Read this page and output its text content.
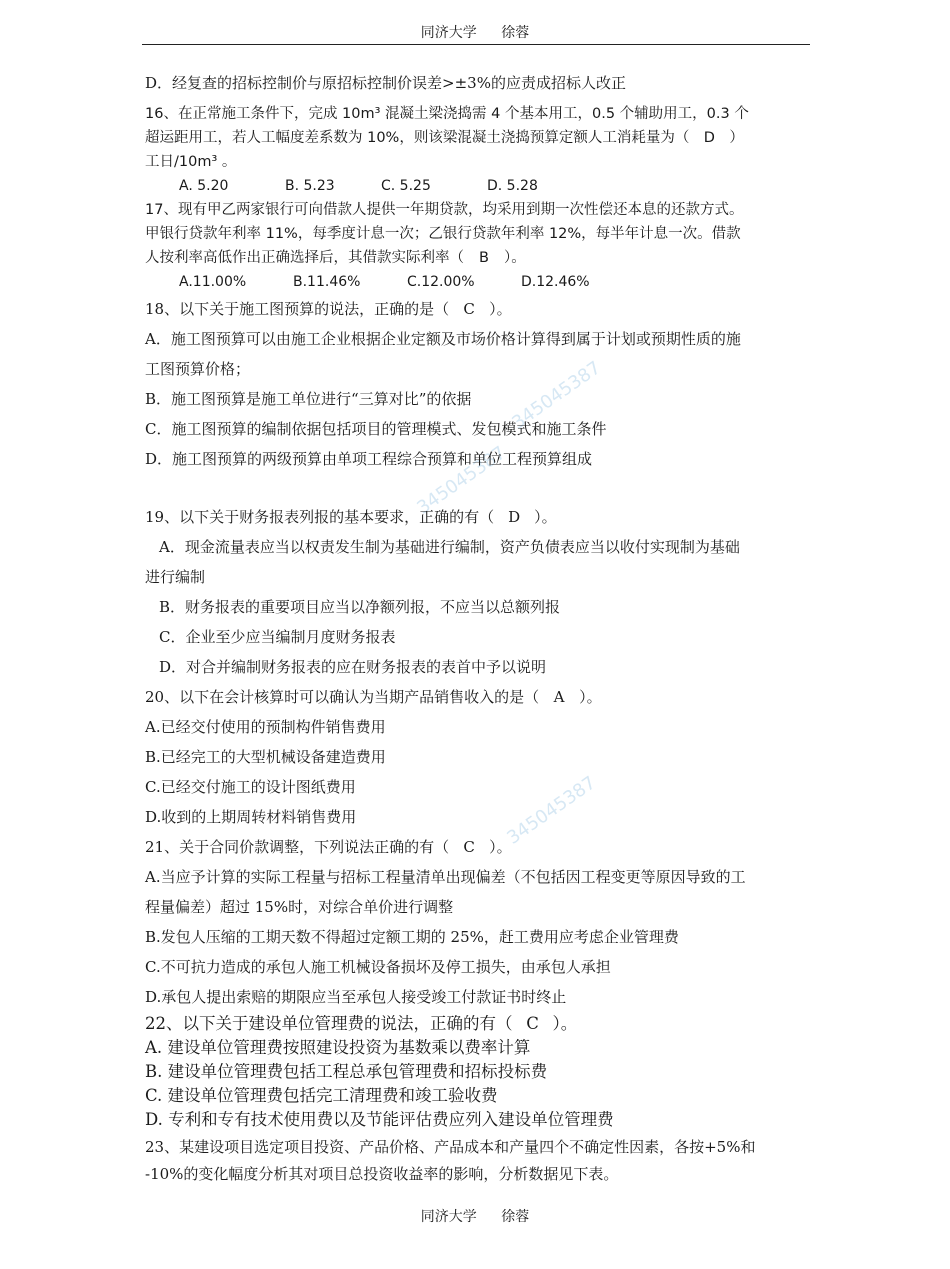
同济大学 徐蓉
345045387
345045387
345045387
D．经复查的招标控制价与原招标控制价误差>±3%的应责成招标人改正
16、在正常施工条件下，完成 10m³ 混凝土梁浇捣需 4 个基本用工，0.5 个辅助用工，0.3 个
超运距用工，若人工幅度差系数为 10%，则该梁混凝土浇捣预算定额人工消耗量为（ D ）
工日/10m³ 。
A. 5.20	B. 5.23	C. 5.25	D. 5.28
17、现有甲乙两家银行可向借款人提供一年期贷款，均采用到期一次性偿还本息的还款方式。
甲银行贷款年利率 11%，每季度计息一次；乙银行贷款年利率 12%，每半年计息一次。借款
人按利率高低作出正确选择后，其借款实际利率（ B ）。
A.11.00%	B.11.46%	C.12.00%	D.12.46%
18、以下关于施工图预算的说法，正确的是（ C ）。
A．施工图预算可以由施工企业根据企业定额及市场价格计算得到属于计划或预期性质的施
工图预算价格；
B．施工图预算是施工单位进行“三算对比”的依据
C．施工图预算的编制依据包括项目的管理模式、发包模式和施工条件
D．施工图预算的两级预算由单项工程综合预算和单位工程预算组成
19、以下关于财务报表列报的基本要求，正确的有（ D ）。
A．现金流量表应当以权责发生制为基础进行编制，资产负债表应当以收付实现制为基础
进行编制
B．财务报表的重要项目应当以净额列报，不应当以总额列报
C．企业至少应当编制月度财务报表
D．对合并编制财务报表的应在财务报表的表首中予以说明
20、以下在会计核算时可以确认为当期产品销售收入的是（ A ）。
A.已经交付使用的预制构件销售费用
B.已经完工的大型机械设备建造费用
C.已经交付施工的设计图纸费用
D.收到的上期周转材料销售费用
21、关于合同价款调整，下列说法正确的有（ C ）。
A.当应予计算的实际工程量与招标工程量清单出现偏差（不包括因工程变更等原因导致的工
程量偏差）超过 15%时，对综合单价进行调整
B.发包人压缩的工期天数不得超过定额工期的 25%，赶工费用应考虑企业管理费
C.不可抗力造成的承包人施工机械设备损坏及停工损失，由承包人承担
D.承包人提出索赔的期限应当至承包人接受竣工付款证书时终止
22、以下关于建设单位管理费的说法，正确的有（ C ）。
A. 建设单位管理费按照建设投资为基数乘以费率计算
B. 建设单位管理费包括工程总承包管理费和招标投标费
C. 建设单位管理费包括完工清理费和竣工验收费
D. 专利和专有技术使用费以及节能评估费应列入建设单位管理费
23、某建设项目选定项目投资、产品价格、产品成本和产量四个不确定性因素，各按+5%和
-10%的变化幅度分析其对项目总投资收益率的影响，分析数据见下表。
同济大学 徐蓉
